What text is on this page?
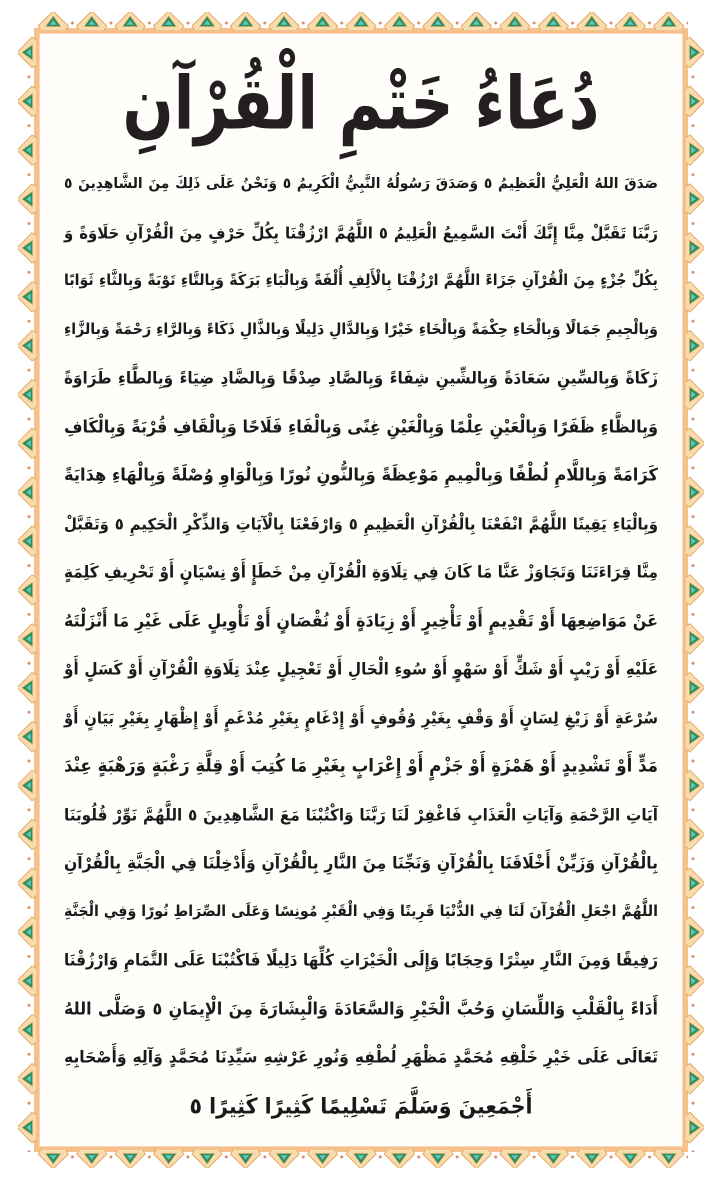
دُعَاءُ خَتْمِ الْقُرْآنِ
صَدَقَ اللهُ الْعَلِيُّ الْعَظِيمُ ٥ وَصَدَقَ رَسُولُهُ النَّبِيُّ الْكَرِيمُ ٥ وَنَحْنُ عَلَى ذَلِكَ مِنَ الشَّاهِدِينَ ٥
رَبَّنَا تَقَبَّلْ مِنَّا إِنَّكَ أَنْتَ السَّمِيعُ الْعَلِيمُ ٥ اللَّهُمَّ ارْزُقْنَا بِكُلِّ حَرْفٍ مِنَ الْقُرْآنِ حَلَاوَةً وَ
بِكُلِّ جُزْءٍ مِنَ الْقُرْآنِ جَزَاءً اللَّهُمَّ ارْزُقْنَا بِالْأَلِفِ أُلْفَةً وَبِالْبَاءِ بَرَكَةً وَبِالتَّاءِ تَوْبَةً وَبِالثَّاءِ ثَوَابًا
وَبِالْجِيمِ جَمَالًا وَبِالْحَاءِ حِكْمَةً وَبِالْخَاءِ خَيْرًا وَبِالدَّالِ دَلِيلًا وَبِالذَّالِ ذَكَاءً وَبِالرَّاءِ رَحْمَةً وَبِالزَّاءِ
زَكَاةً وَبِالسِّينِ سَعَادَةً وَبِالشِّينِ شِفَاءً وَبِالصَّادِ صِدْقًا وَبِالضَّادِ ضِيَاءً وَبِالطَّاءِ طَرَاوَةً
وَبِالظَّاءِ ظَفَرًا وَبِالْعَيْنِ عِلْمًا وَبِالْغَيْنِ غِنًى وَبِالْفَاءِ فَلَاحًا وَبِالْقَافِ قُرْبَةً وَبِالْكَافِ
كَرَامَةً وَبِاللَّامِ لُطْفًا وَبِالْمِيمِ مَوْعِظَةً وَبِالنُّونِ نُورًا وَبِالْوَاوِ وُصْلَةً وَبِالْهَاءِ هِدَايَةً
وَبِالْيَاءِ يَقِينًا اللَّهُمَّ انْفَعْنَا بِالْقُرْآنِ الْعَظِيمِ ٥ وَارْفَعْنَا بِالْآيَاتِ وَالذِّكْرِ الْحَكِيمِ ٥ وَتَقَبَّلْ
مِنَّا قِرَاءَتَنَا وَتَجَاوَزْ عَنَّا مَا كَانَ فِي تِلَاوَةِ الْقُرْآنِ مِنْ خَطَإٍ أَوْ نِسْيَانٍ أَوْ تَحْرِيفِ كَلِمَةٍ
عَنْ مَوَاضِعِهَا أَوْ تَقْدِيمٍ أَوْ تَأْخِيرٍ أَوْ زِيَادَةٍ أَوْ نُقْصَانٍ أَوْ تَأْوِيلٍ عَلَى غَيْرِ مَا أَنْزَلْتَهُ
عَلَيْهِ أَوْ رَيْبٍ أَوْ شَكٍّ أَوْ سَهْوٍ أَوْ سُوءِ الْحَالِ أَوْ تَعْجِيلٍ عِنْدَ تِلَاوَةِ الْقُرْآنِ أَوْ كَسَلٍ أَوْ
سُرْعَةٍ أَوْ زَيْغِ لِسَانٍ أَوْ وَقْفٍ بِغَيْرِ وُقُوفٍ أَوْ إِدْغَامٍ بِغَيْرِ مُدْغَمٍ أَوْ إِظْهَارٍ بِغَيْرِ بَيَانٍ أَوْ
مَدٍّ أَوْ تَشْدِيدٍ أَوْ هَمْزَةٍ أَوْ جَزْمٍ أَوْ إِعْرَابٍ بِغَيْرِ مَا كُتِبَ أَوْ قِلَّةِ رَغْبَةٍ وَرَهْبَةٍ عِنْدَ
آيَاتِ الرَّحْمَةِ وَآيَاتِ الْعَذَابِ فَاغْفِرْ لَنَا رَبَّنَا وَاكْتُبْنَا مَعَ الشَّاهِدِينَ ٥ اللَّهُمَّ نَوِّرْ قُلُوبَنَا
بِالْقُرْآنِ وَزَيِّنْ أَخْلَاقَنَا بِالْقُرْآنِ وَنَجِّنَا مِنَ النَّارِ بِالْقُرْآنِ وَأَدْخِلْنَا فِي الْجَنَّةِ بِالْقُرْآنِ
اللَّهُمَّ اجْعَلِ الْقُرْآنَ لَنَا فِي الدُّنْيَا قَرِينًا وَفِي الْقَبْرِ مُونِسًا وَعَلَى الصِّرَاطِ نُورًا وَفِي الْجَنَّةِ
رَفِيقًا وَمِنَ النَّارِ سِتْرًا وَحِجَابًا وَإِلَى الْخَيْرَاتِ كُلِّهَا دَلِيلًا فَاكْتُبْنَا عَلَى التَّمَامِ وَارْزُقْنَا
أَدَاءً بِالْقَلْبِ وَاللِّسَانِ وَحُبَّ الْخَيْرِ وَالسَّعَادَةَ وَالْبِشَارَةَ مِنَ الْإِيمَانِ ٥ وَصَلَّى اللهُ
تَعَالَى عَلَى خَيْرِ خَلْقِهِ مُحَمَّدٍ مَظْهَرِ لُطْفِهِ وَنُورِ عَرْشِهِ سَيِّدِنَا مُحَمَّدٍ وَآلِهِ وَأَصْحَابِهِ
أَجْمَعِينَ وَسَلَّمَ تَسْلِيمًا كَثِيرًا كَثِيرًا ٥
